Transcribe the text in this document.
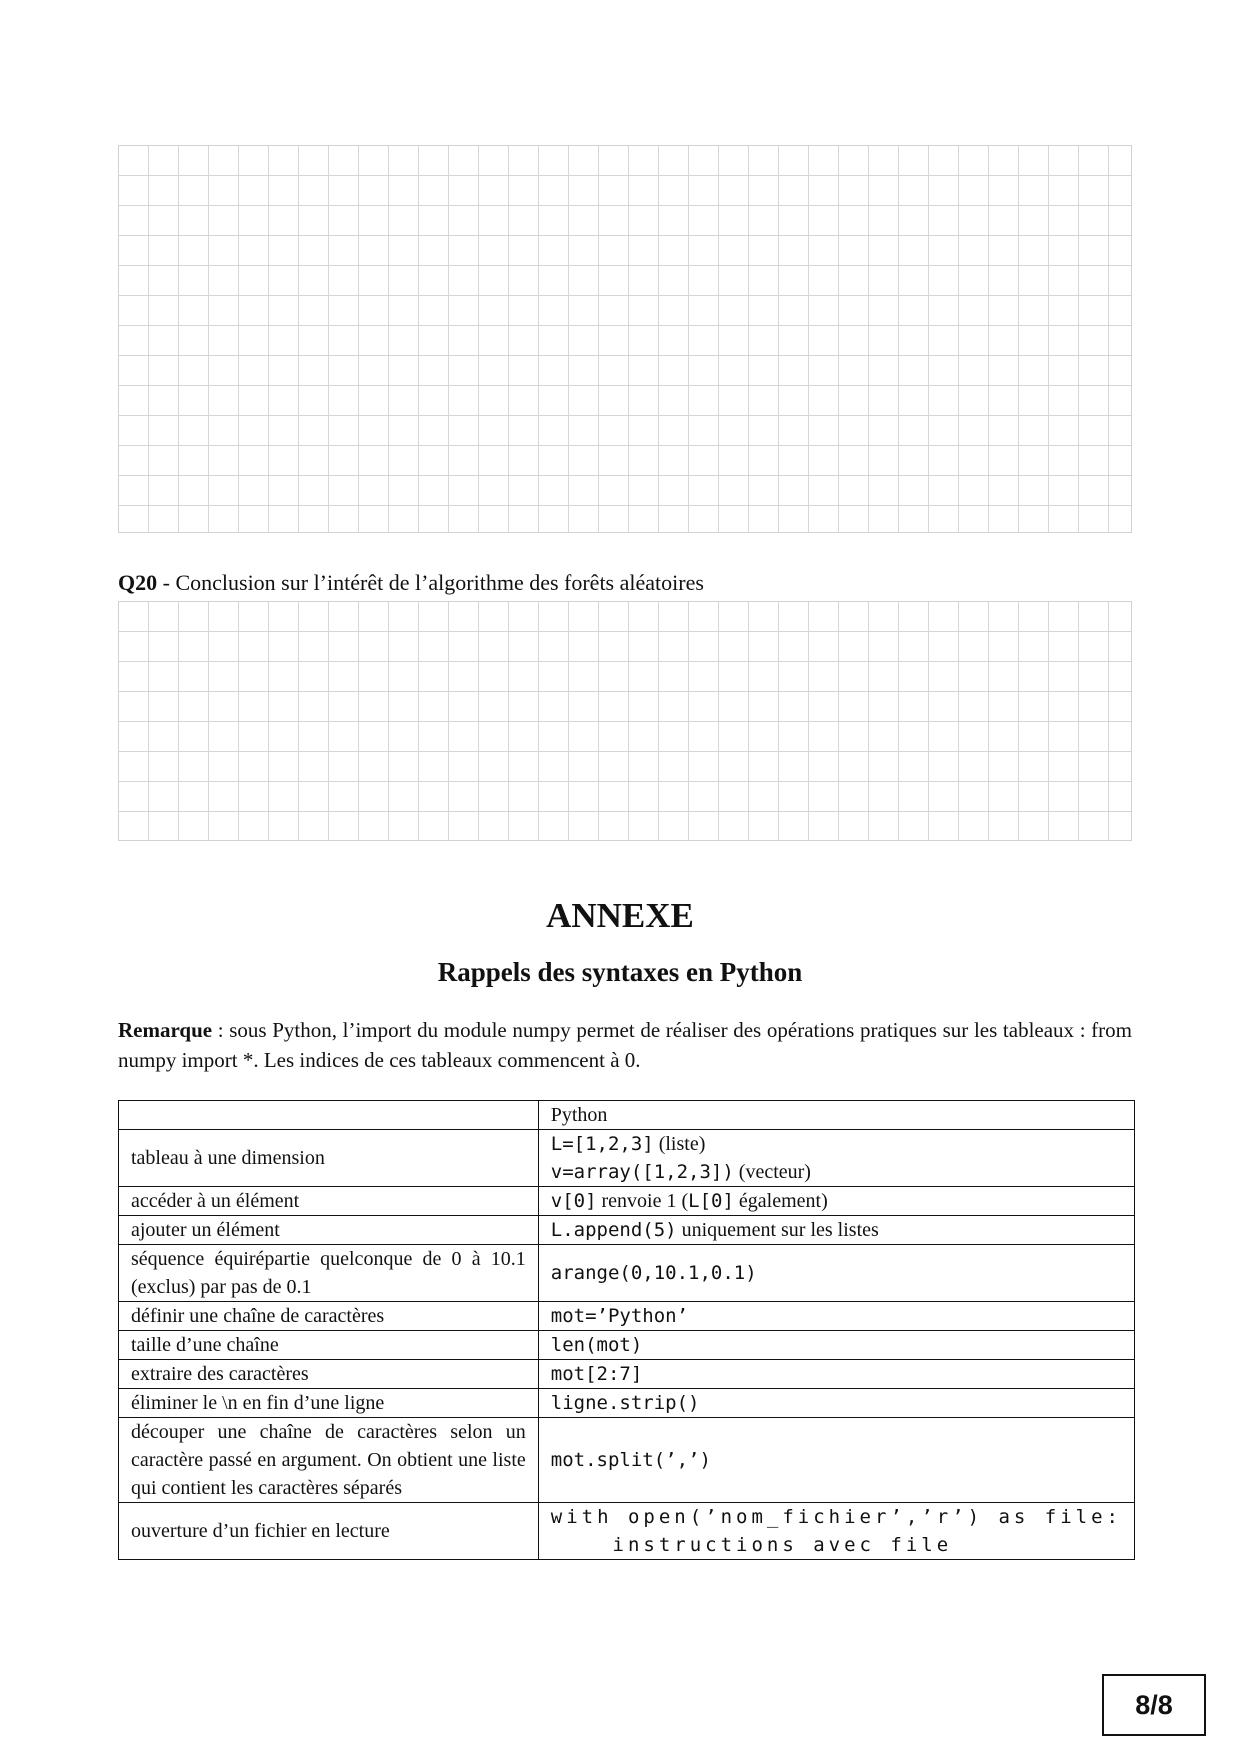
Q20 - Conclusion sur l’intérêt de l’algorithme des forêts aléatoires
ANNEXE
Rappels des syntaxes en Python
Remarque : sous Python, l’import du module numpy permet de réaliser des opérations pratiques sur les tableaux : from numpy import *. Les indices de ces tableaux commencent à 0.
	Python
tableau à une dimension	L=[1,2,3] (liste)
v=array([1,2,3]) (vecteur)

accéder à un élément	v[0] renvoie 1 (L[0] également)
ajouter un élément	L.append(5) uniquement sur les listes
séquence équirépartie quelconque de 0 à 10.1 (exclus) par pas de 0.1	arange(0,10.1,0.1)
définir une chaîne de caractères	mot=’Python’
taille d’une chaîne	len(mot)
extraire des caractères	mot[2:7]
éliminer le \n en fin d’une ligne	ligne.strip()
découper une chaîne de caractères selon un caractère passé en argument. On obtient une liste qui contient les caractères séparés	mot.split(’,’)
ouverture d’un fichier en lecture	with open(’nom_fichier’,’r’) as file:
instructions avec file
8/8
